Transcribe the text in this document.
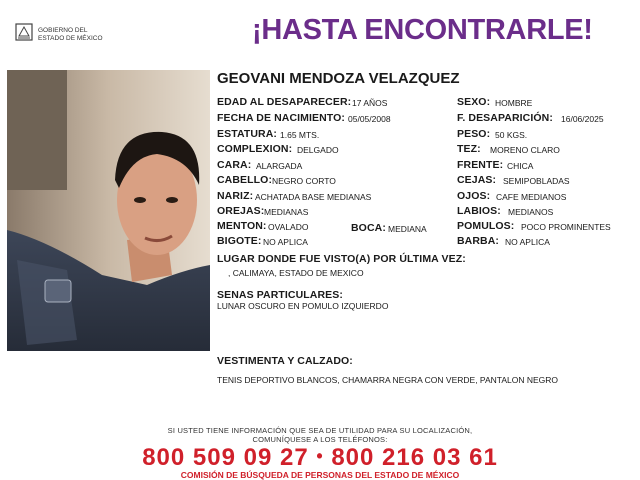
GOBIERNO DEL
ESTADO DE MÉXICO	¡HASTA ENCONTRARLE!
GEOVANI MENDOZA VELAZQUEZ
EDAD AL DESAPARECER: 17 AÑOS
FECHA DE NACIMIENTO: 05/05/2008
ESTATURA: 1.65 MTS.
COMPLEXION: DELGADO
CARA: ALARGADA
CABELLO: NEGRO CORTO
NARIZ: ACHATADA BASE MEDIANAS
OREJAS: MEDIANAS
MENTON: OVALADO	BOCA: MEDIANA
BIGOTE: NO APLICA
SEXO: HOMBRE
F. DESAPARICIÓN: 16/06/2025
PESO: 50 KGS.
TEZ: MORENO CLARO
FRENTE: CHICA
CEJAS: SEMIPOBLADAS
OJOS: CAFE MEDIANOS
LABIOS: MEDIANOS
POMULOS: POCO PROMINENTES
BARBA: NO APLICA
LUGAR DONDE FUE VISTO(A) POR ÚLTIMA VEZ:
, CALIMAYA, ESTADO DE MEXICO
SENAS PARTICULARES:
LUNAR OSCURO EN POMULO IZQUIERDO
VESTIMENTA Y CALZADO:
TENIS DEPORTIVO BLANCOS, CHAMARRA NEGRA CON VERDE, PANTALON NEGRO
SI USTED TIENE INFORMACIÓN QUE SEA DE UTILIDAD PARA SU LOCALIZACIÓN,
COMUNÍQUESE A LOS TELÉFONOS:
800 509 09 27 • 800 216 03 61
COMISIÓN DE BÚSQUEDA DE PERSONAS DEL ESTADO DE MÉXICO
